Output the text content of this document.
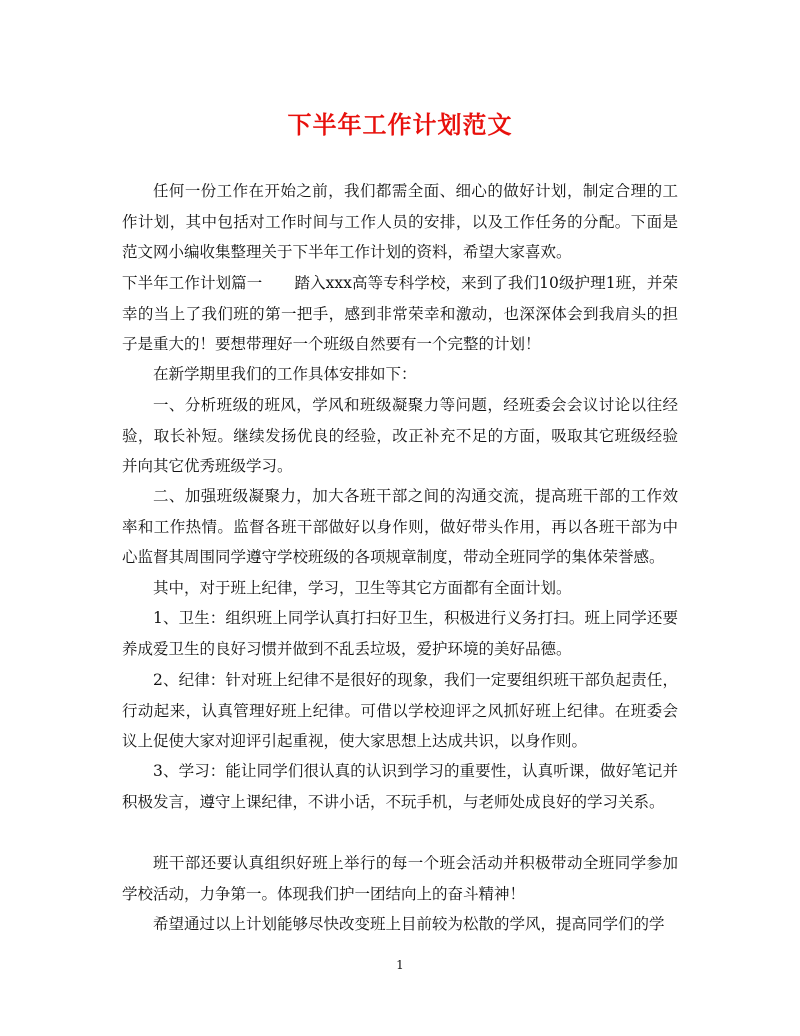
下半年工作计划范文

任何一份工作在开始之前，我们都需全面、细心的做好计划，制定合理的工作计划，其中包括对工作时间与工作人员的安排，以及工作任务的分配。下面是范文网小编收集整理关于下半年工作计划的资料，希望大家喜欢。

下半年工作计划篇一 踏入xxx高等专科学校，来到了我们10级护理1班，并荣幸的当上了我们班的第一把手，感到非常荣幸和激动，也深深体会到我肩头的担子是重大的！要想带理好一个班级自然要有一个完整的计划！

在新学期里我们的工作具体安排如下：

一、分析班级的班风，学风和班级凝聚力等问题，经班委会会议讨论以往经验，取长补短。继续发扬优良的经验，改正补充不足的方面，吸取其它班级经验并向其它优秀班级学习。

二、加强班级凝聚力，加大各班干部之间的沟通交流，提高班干部的工作效率和工作热情。监督各班干部做好以身作则，做好带头作用，再以各班干部为中心监督其周围同学遵守学校班级的各项规章制度，带动全班同学的集体荣誉感。

其中，对于班上纪律，学习，卫生等其它方面都有全面计划。

1、卫生：组织班上同学认真打扫好卫生，积极进行义务打扫。班上同学还要养成爱卫生的良好习惯并做到不乱丢垃圾，爱护环境的美好品德。

2、纪律：针对班上纪律不是很好的现象，我们一定要组织班干部负起责任，行动起来，认真管理好班上纪律。可借以学校迎评之风抓好班上纪律。在班委会议上促使大家对迎评引起重视，使大家思想上达成共识，以身作则。

3、学习：能让同学们很认真的认识到学习的重要性，认真听课，做好笔记并积极发言，遵守上课纪律，不讲小话，不玩手机，与老师处成良好的学习关系。

班干部还要认真组织好班上举行的每一个班会活动并积极带动全班同学参加学校活动，力争第一。体现我们护一团结向上的奋斗精神！

希望通过以上计划能够尽快改变班上目前较为松散的学风，提高同学们的学

1
